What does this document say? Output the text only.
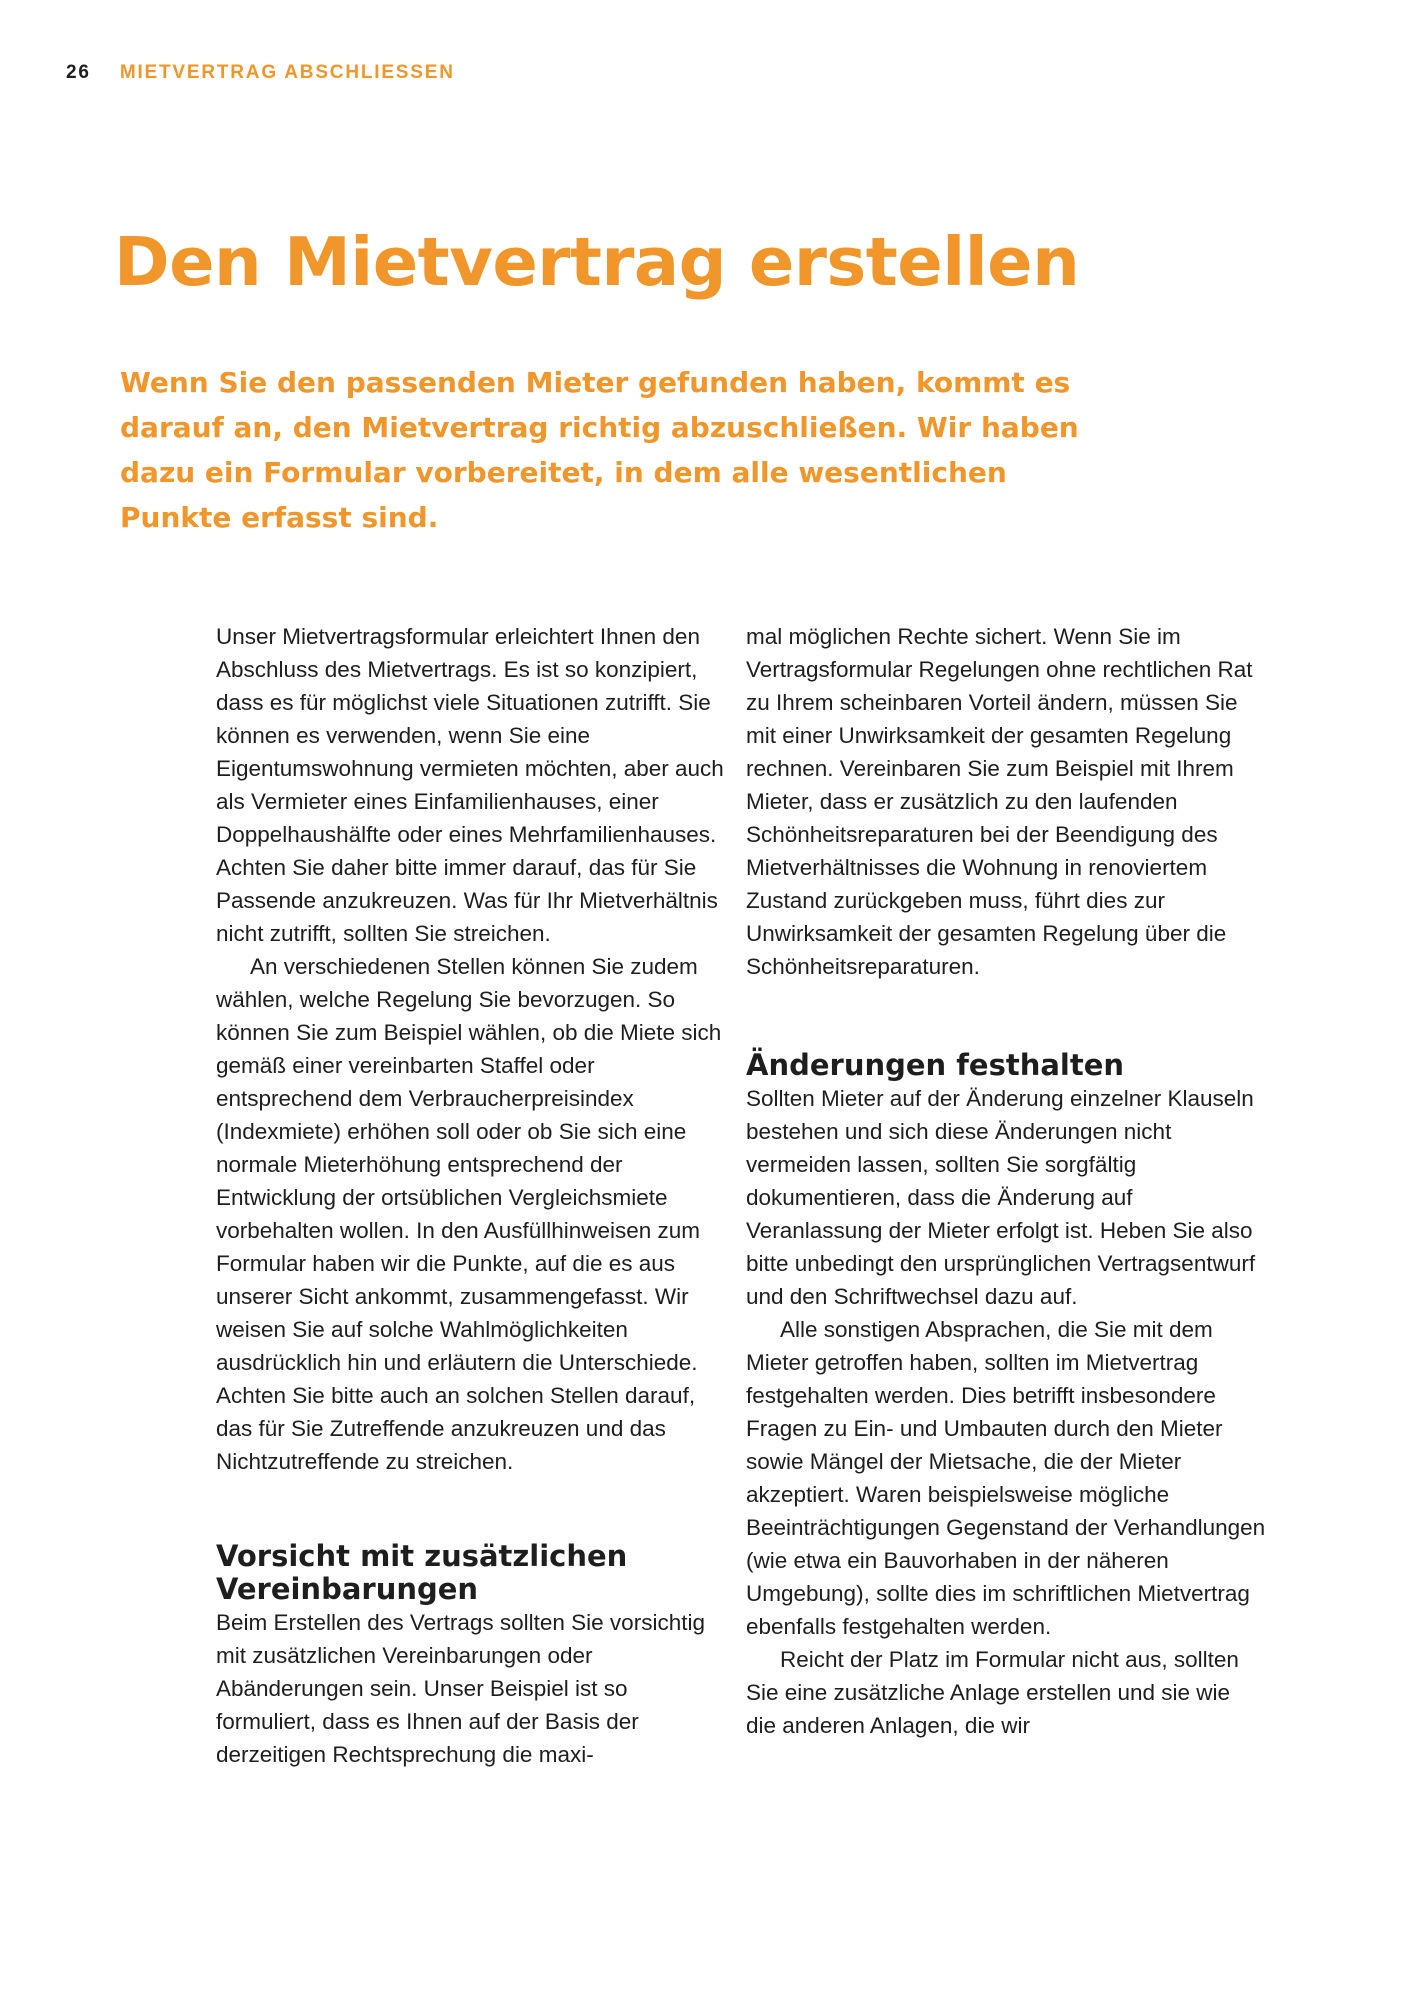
26 MIETVERTRAG ABSCHLIESSEN
Den Mietvertrag erstellen

Wenn Sie den passenden Mieter gefunden haben, kommt es darauf an, den Mietvertrag richtig abzuschließen. Wir haben dazu ein Formular vorbereitet, in dem alle wesentlichen Punkte erfasst sind.

Unser Mietvertragsformular erleichtert Ihnen den Abschluss des Mietvertrags. Es ist so konzipiert, dass es für möglichst viele Situationen zutrifft. Sie können es verwenden, wenn Sie eine Eigentumswohnung vermieten möchten, aber auch als Vermieter eines Einfamilienhauses, einer Doppelhaushälfte oder eines Mehrfamilienhauses. Achten Sie daher bitte immer darauf, das für Sie Passende anzukreuzen. Was für Ihr Mietverhältnis nicht zutrifft, sollten Sie streichen.

An verschiedenen Stellen können Sie zudem wählen, welche Regelung Sie bevorzugen. So können Sie zum Beispiel wählen, ob die Miete sich gemäß einer vereinbarten Staffel oder entsprechend dem Verbraucherpreisindex (Indexmiete) erhöhen soll oder ob Sie sich eine normale Mieterhöhung entsprechend der Entwicklung der ortsüblichen Vergleichsmiete vorbehalten wollen. In den Ausfüllhinweisen zum Formular haben wir die Punkte, auf die es aus unserer Sicht ankommt, zusammengefasst. Wir weisen Sie auf solche Wahlmöglichkeiten ausdrücklich hin und erläutern die Unterschiede. Achten Sie bitte auch an solchen Stellen darauf, das für Sie Zutreffende anzukreuzen und das Nichtzutreffende zu streichen.

Vorsicht mit zusätzlichen Vereinbarungen

Beim Erstellen des Vertrags sollten Sie vorsichtig mit zusätzlichen Vereinbarungen oder Abänderungen sein. Unser Beispiel ist so formuliert, dass es Ihnen auf der Basis der derzeitigen Rechtsprechung die maxi-

mal möglichen Rechte sichert. Wenn Sie im Vertragsformular Regelungen ohne rechtlichen Rat zu Ihrem scheinbaren Vorteil ändern, müssen Sie mit einer Unwirksamkeit der gesamten Regelung rechnen. Vereinbaren Sie zum Beispiel mit Ihrem Mieter, dass er zusätzlich zu den laufenden Schönheitsreparaturen bei der Beendigung des Mietverhältnisses die Wohnung in renoviertem Zustand zurückgeben muss, führt dies zur Unwirksamkeit der gesamten Regelung über die Schönheitsreparaturen.

Änderungen festhalten

Sollten Mieter auf der Änderung einzelner Klauseln bestehen und sich diese Änderungen nicht vermeiden lassen, sollten Sie sorgfältig dokumentieren, dass die Änderung auf Veranlassung der Mieter erfolgt ist. Heben Sie also bitte unbedingt den ursprünglichen Vertragsentwurf und den Schriftwechsel dazu auf.

Alle sonstigen Absprachen, die Sie mit dem Mieter getroffen haben, sollten im Mietvertrag festgehalten werden. Dies betrifft insbesondere Fragen zu Ein- und Umbauten durch den Mieter sowie Mängel der Mietsache, die der Mieter akzeptiert. Waren beispielsweise mögliche Beeinträchtigungen Gegenstand der Verhandlungen (wie etwa ein Bauvorhaben in der näheren Umgebung), sollte dies im schriftlichen Mietvertrag ebenfalls festgehalten werden.

Reicht der Platz im Formular nicht aus, sollten Sie eine zusätzliche Anlage erstellen und sie wie die anderen Anlagen, die wir
